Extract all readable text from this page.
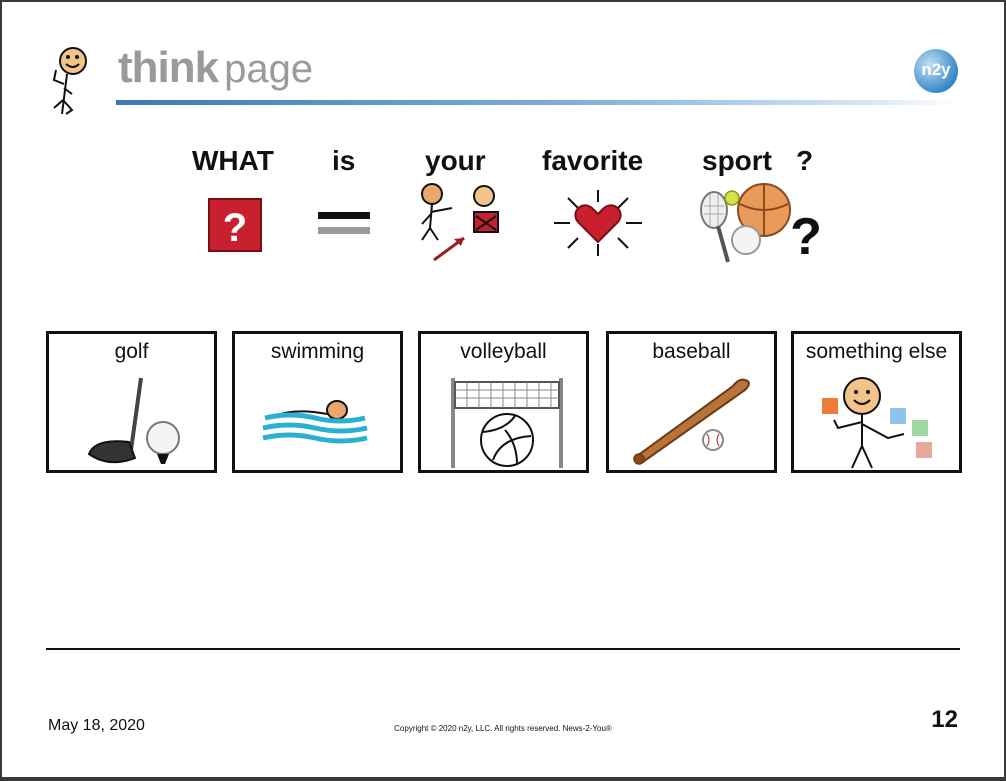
think page	n2y
WHAT is your favorite sport ?
?	?
golf	swimming	volleyball	baseball	something else
May 18, 2020	Copyright © 2020 n2y, LLC. All rights reserved. News-2-You®	12
